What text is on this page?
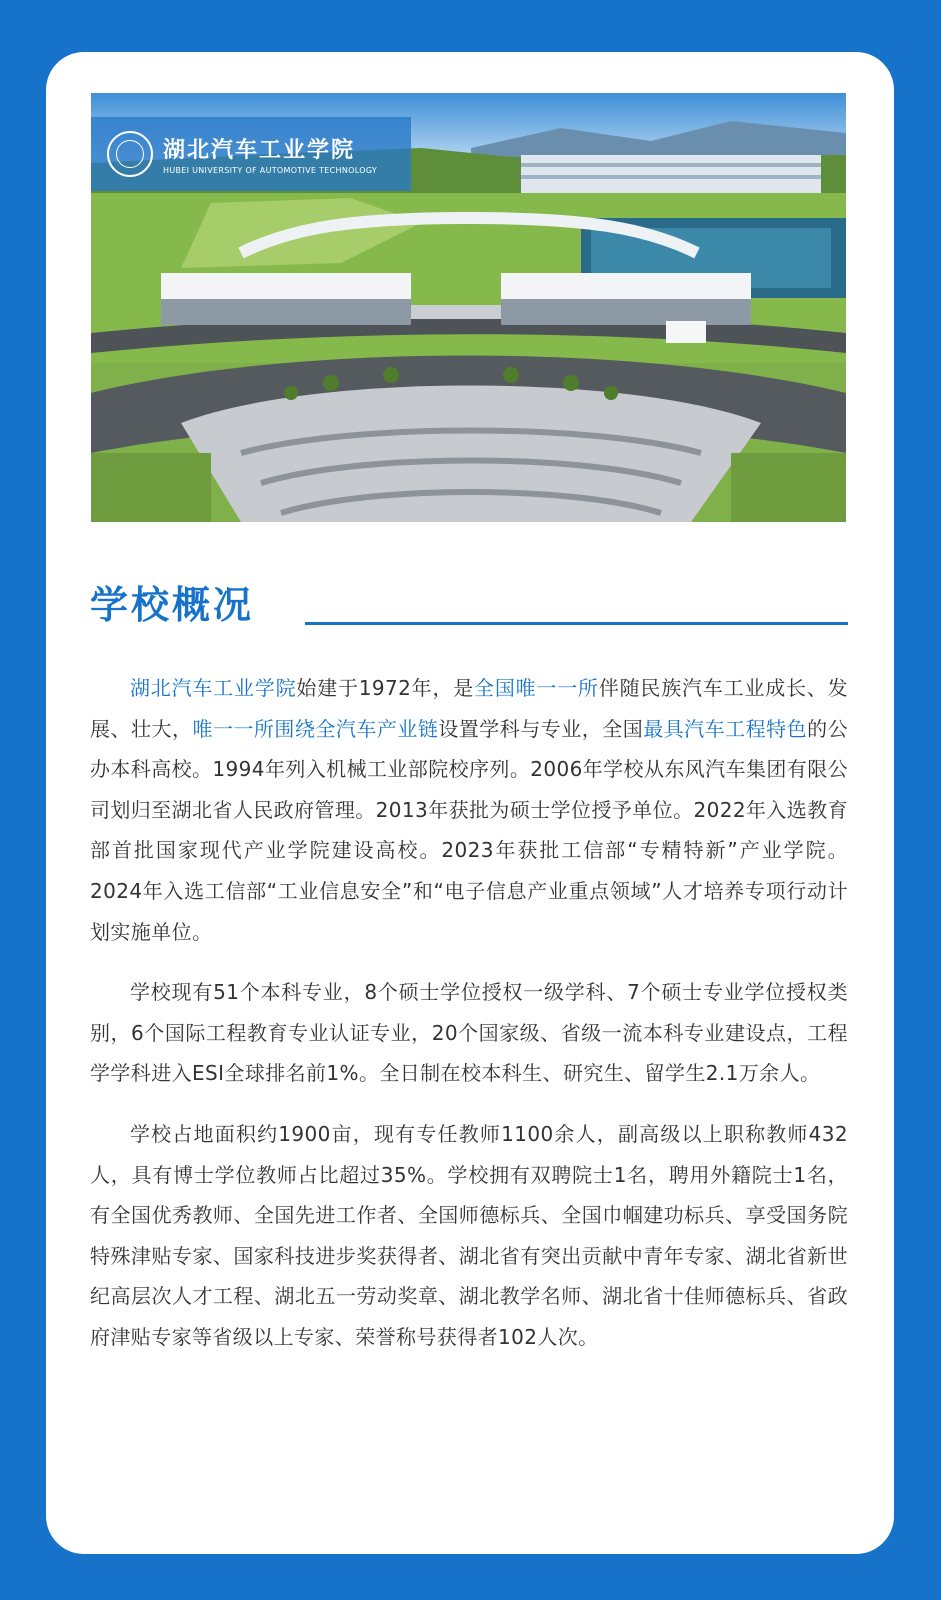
湖北汽车工业学院
HUBEI UNIVERSITY OF AUTOMOTIVE TECHNOLOGY
学校概况

湖北汽车工业学院始建于1972年，是全国唯一一所伴随民族汽车工业成长、发展、壮大，唯一一所围绕全汽车产业链设置学科与专业，全国最具汽车工程特色的公办本科高校。1994年列入机械工业部院校序列。2006年学校从东风汽车集团有限公司划归至湖北省人民政府管理。2013年获批为硕士学位授予单位。2022年入选教育部首批国家现代产业学院建设高校。2023年获批工信部“专精特新”产业学院。2024年入选工信部“工业信息安全”和“电子信息产业重点领域”人才培养专项行动计划实施单位。

学校现有51个本科专业，8个硕士学位授权一级学科、7个硕士专业学位授权类别，6个国际工程教育专业认证专业，20个国家级、省级一流本科专业建设点，工程学学科进入ESI全球排名前1%。全日制在校本科生、研究生、留学生2.1万余人。

学校占地面积约1900亩，现有专任教师1100余人，副高级以上职称教师432人，具有博士学位教师占比超过35%。学校拥有双聘院士1名，聘用外籍院士1名，有全国优秀教师、全国先进工作者、全国师德标兵、全国巾帼建功标兵、享受国务院特殊津贴专家、国家科技进步奖获得者、湖北省有突出贡献中青年专家、湖北省新世纪高层次人才工程、湖北五一劳动奖章、湖北教学名师、湖北省十佳师德标兵、省政府津贴专家等省级以上专家、荣誉称号获得者102人次。
